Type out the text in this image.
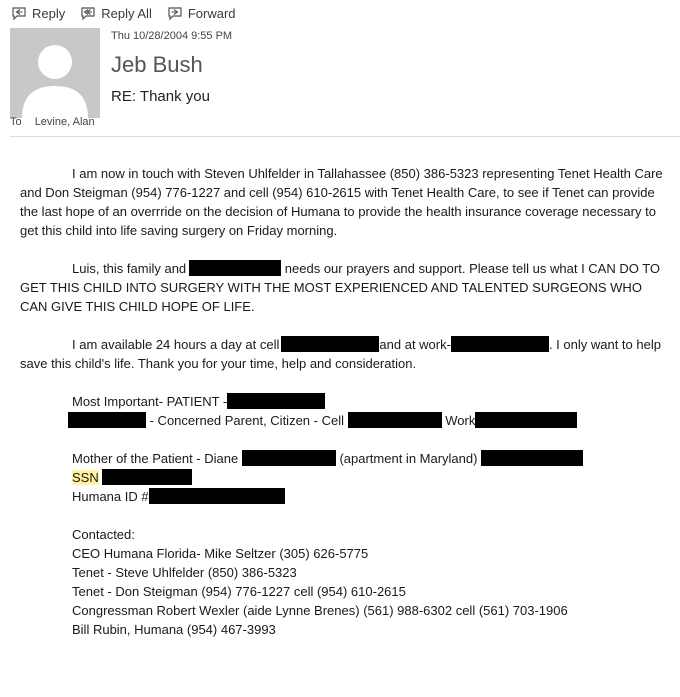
Reply	Reply All	Forward
Thu 10/28/2004 9:55 PM
Jeb Bush
RE: Thank you
To Levine, Alan

I am now in touch with Steven Uhlfelder in Tallahassee (850) 386-5323 representing Tenet Health Care and Don Steigman (954) 776-1227 and cell (954) 610-2615 with Tenet Health Care, to see if Tenet can provide the last hope of an overrride on the decision of Humana to provide the health insurance coverage necessary to get this child into life saving surgery on Friday morning.

Luis, this family and	needs our prayers and support. Please tell us what I CAN DO TO GET THIS CHILD INTO SURGERY WITH THE MOST EXPERIENCED AND TALENTED SURGEONS WHO CAN GIVE THIS CHILD HOPE OF LIFE.

I am available 24 hours a day at cell	and at work-	. I only want to help save this child's life. Thank you for your time, help and consideration.

Most Important- PATIENT -

- Concerned Parent, Citizen - Cell	Work

Mother of the Patient - Diane	(apartment in Maryland)

SSN

Humana ID #

Contacted:

CEO Humana Florida- Mike Seltzer (305) 626-5775

Tenet - Steve Uhlfelder (850) 386-5323

Tenet - Don Steigman (954) 776-1227 cell (954) 610-2615

Congressman Robert Wexler (aide Lynne Brenes) (561) 988-6302 cell (561) 703-1906

Bill Rubin, Humana (954) 467-3993
